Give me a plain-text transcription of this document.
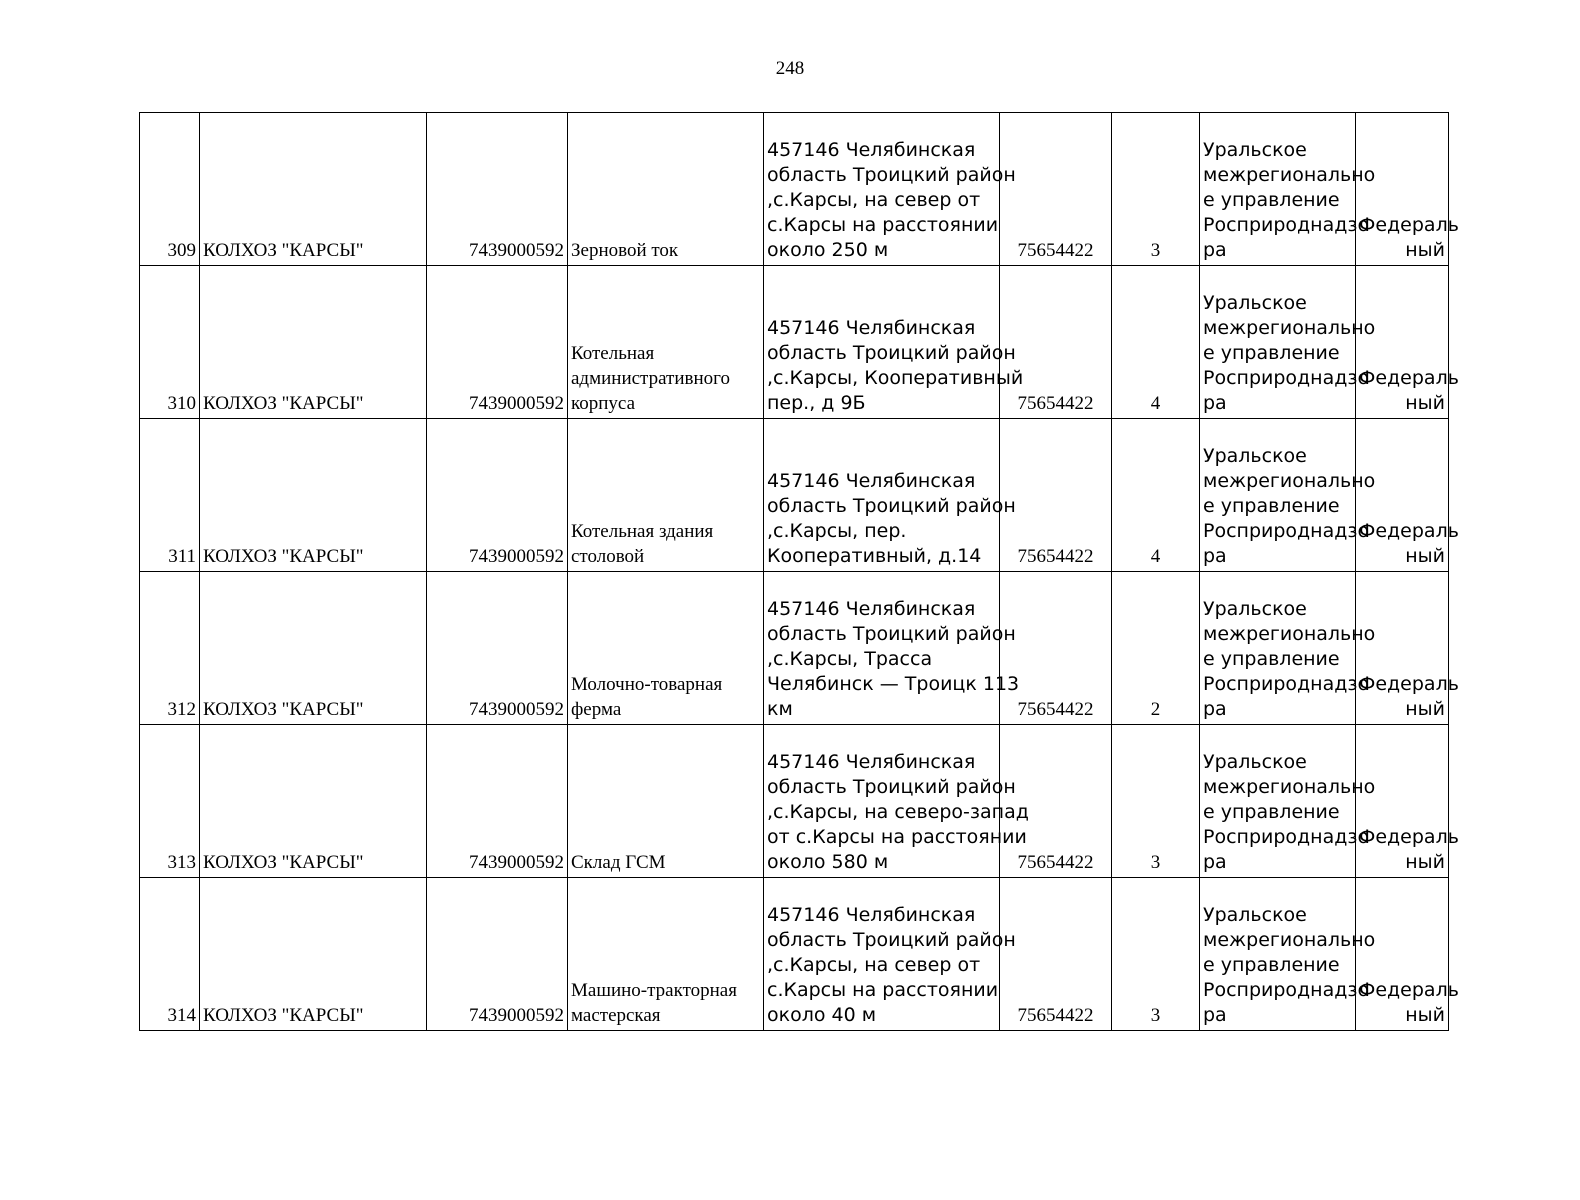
248
309	КОЛХОЗ "КАРСЫ"	7439000592	Зерновой ток	457146 Челябинская
область Троицкий район
,с.Карсы, на север от
с.Карсы на расстоянии
около 250 м	75654422	3	Уральское
межрегионально
е управление
Росприроднадзо
ра	Федераль
ный

310	КОЛХОЗ "КАРСЫ"	7439000592	Котельная
административного
корпуса	457146 Челябинская
область Троицкий район
,с.Карсы, Кооперативный
пер., д 9Б	75654422	4	Уральское
межрегионально
е управление
Росприроднадзо
ра	Федераль
ный

311	КОЛХОЗ "КАРСЫ"	7439000592	Котельная здания
столовой	457146 Челябинская
область Троицкий район
,с.Карсы, пер.
Кооперативный, д.14	75654422	4	Уральское
межрегионально
е управление
Росприроднадзо
ра	Федераль
ный

312	КОЛХОЗ "КАРСЫ"	7439000592	Молочно-товарная
ферма	457146 Челябинская
область Троицкий район
,с.Карсы, Трасса
Челябинск — Троицк 113
км	75654422	2	Уральское
межрегионально
е управление
Росприроднадзо
ра	Федераль
ный

313	КОЛХОЗ "КАРСЫ"	7439000592	Склад ГСМ	457146 Челябинская
область Троицкий район
,с.Карсы, на северо-запад
от с.Карсы на расстоянии
около 580 м	75654422	3	Уральское
межрегионально
е управление
Росприроднадзо
ра	Федераль
ный

314	КОЛХОЗ "КАРСЫ"	7439000592	Машино-тракторная
мастерская	457146 Челябинская
область Троицкий район
,с.Карсы, на север от
с.Карсы на расстоянии
около 40 м	75654422	3	Уральское
межрегионально
е управление
Росприроднадзо
ра	Федераль
ный
